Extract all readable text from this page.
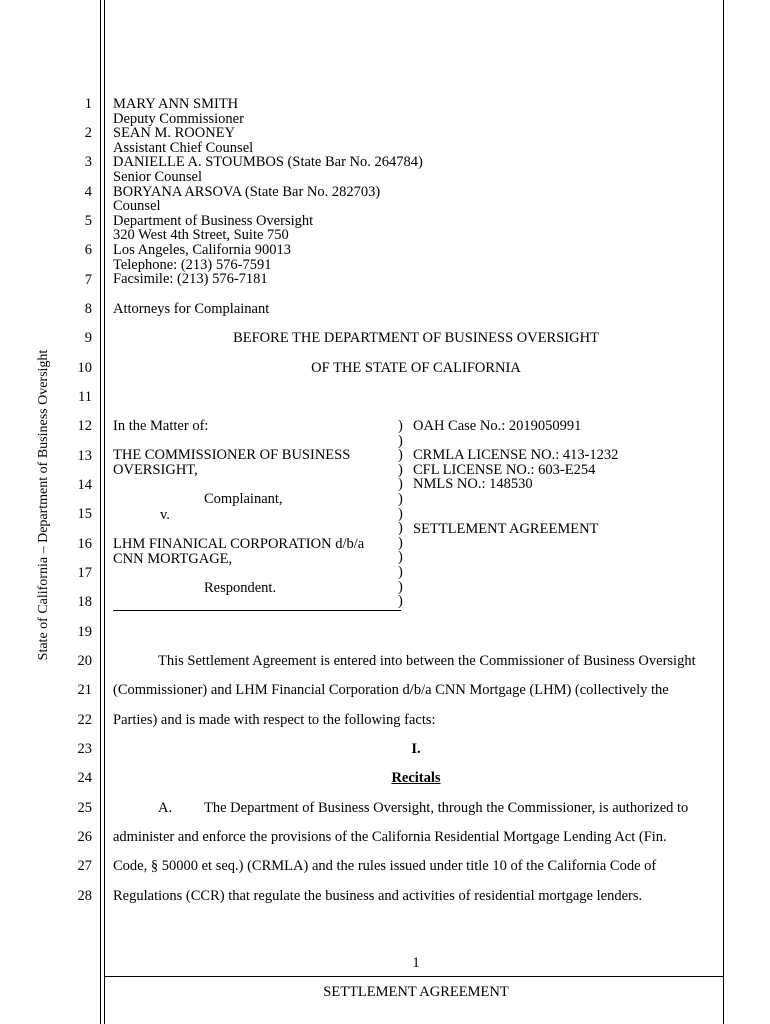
State of California – Department of Business Oversight
1
2
3
4
5
6
7
8
9
10
11
12
13
14
15
16
17
18
19
20
21
22
23
24
25
26
27
28
MARY ANN SMITH
Deputy Commissioner
SEAN M. ROONEY
Assistant Chief Counsel
DANIELLE A. STOUMBOS (State Bar No. 264784)
Senior Counsel
BORYANA ARSOVA (State Bar No. 282703)
Counsel
Department of Business Oversight
320 West 4th Street, Suite 750
Los Angeles, California 90013
Telephone: (213) 576-7591
Facsimile: (213) 576-7181
Attorneys for Complainant
BEFORE THE DEPARTMENT OF BUSINESS OVERSIGHT
OF THE STATE OF CALIFORNIA
In the Matter of:
THE COMMISSIONER OF BUSINESS
OVERSIGHT,
Complainant,
v.
LHM FINANICAL CORPORATION d/b/a
CNN MORTGAGE,
Respondent.
)
)
)
)
)
)
)
)
)
)
)
)
)
OAH Case No.: 2019050991
CRMLA LICENSE NO.: 413-1232
CFL LICENSE NO.: 603-E254
NMLS NO.: 148530
SETTLEMENT AGREEMENT
This Settlement Agreement is entered into between the Commissioner of Business Oversight
(Commissioner) and LHM Financial Corporation d/b/a CNN Mortgage (LHM) (collectively the
Parties) and is made with respect to the following facts:
I.
Recitals
A. The Department of Business Oversight, through the Commissioner, is authorized to
administer and enforce the provisions of the California Residential Mortgage Lending Act (Fin.
Code, § 50000 et seq.) (CRMLA) and the rules issued under title 10 of the California Code of
Regulations (CCR) that regulate the business and activities of residential mortgage lenders.
1
SETTLEMENT AGREEMENT
